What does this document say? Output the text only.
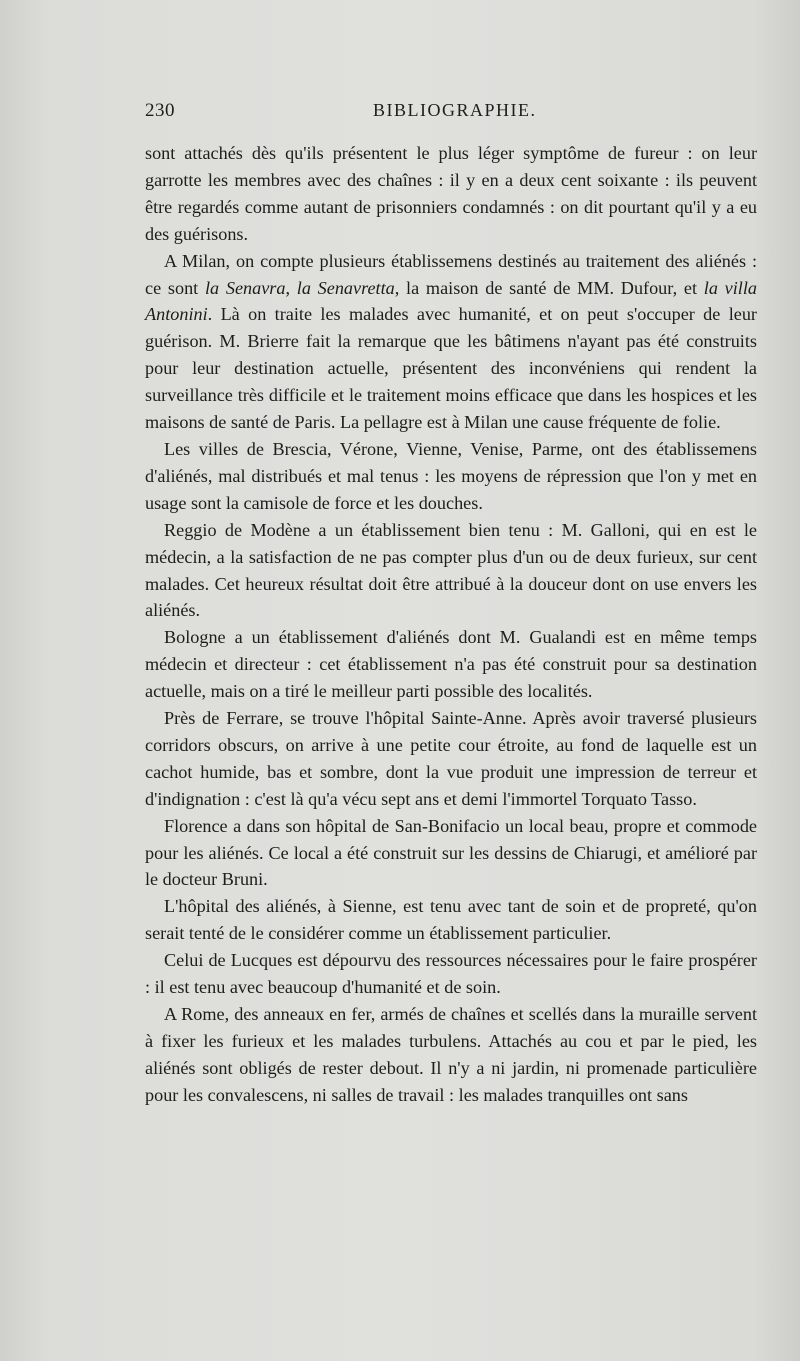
230	BIBLIOGRAPHIE.

sont attachés dès qu'ils présentent le plus léger symptôme de fureur : on leur garrotte les membres avec des chaînes : il y en a deux cent soixante : ils peuvent être regardés comme autant de prisonniers condamnés : on dit pourtant qu'il y a eu des guérisons.

A Milan, on compte plusieurs établissemens destinés au traitement des aliénés : ce sont la Senavra, la Senavretta, la maison de santé de MM. Dufour, et la villa Antonini. Là on traite les malades avec humanité, et on peut s'occuper de leur guérison. M. Brierre fait la remarque que les bâtimens n'ayant pas été construits pour leur destination actuelle, présentent des inconvéniens qui rendent la surveillance très difficile et le traitement moins efficace que dans les hospices et les maisons de santé de Paris. La pellagre est à Milan une cause fréquente de folie.

Les villes de Brescia, Vérone, Vienne, Venise, Parme, ont des établissemens d'aliénés, mal distribués et mal tenus : les moyens de répression que l'on y met en usage sont la camisole de force et les douches.

Reggio de Modène a un établissement bien tenu : M. Galloni, qui en est le médecin, a la satisfaction de ne pas compter plus d'un ou de deux furieux, sur cent malades. Cet heureux résultat doit être attribué à la douceur dont on use envers les aliénés.

Bologne a un établissement d'aliénés dont M. Gualandi est en même temps médecin et directeur : cet établissement n'a pas été construit pour sa destination actuelle, mais on a tiré le meilleur parti possible des localités.

Près de Ferrare, se trouve l'hôpital Sainte-Anne. Après avoir traversé plusieurs corridors obscurs, on arrive à une petite cour étroite, au fond de laquelle est un cachot humide, bas et sombre, dont la vue produit une impression de terreur et d'indignation : c'est là qu'a vécu sept ans et demi l'immortel Torquato Tasso.

Florence a dans son hôpital de San-Bonifacio un local beau, propre et commode pour les aliénés. Ce local a été construit sur les dessins de Chiarugi, et amélioré par le docteur Bruni.

L'hôpital des aliénés, à Sienne, est tenu avec tant de soin et de propreté, qu'on serait tenté de le considérer comme un établissement particulier.

Celui de Lucques est dépourvu des ressources nécessaires pour le faire prospérer : il est tenu avec beaucoup d'humanité et de soin.

A Rome, des anneaux en fer, armés de chaînes et scellés dans la muraille servent à fixer les furieux et les malades turbulens. Attachés au cou et par le pied, les aliénés sont obligés de rester debout. Il n'y a ni jardin, ni promenade particulière pour les convalescens, ni salles de travail : les malades tranquilles ont sans
